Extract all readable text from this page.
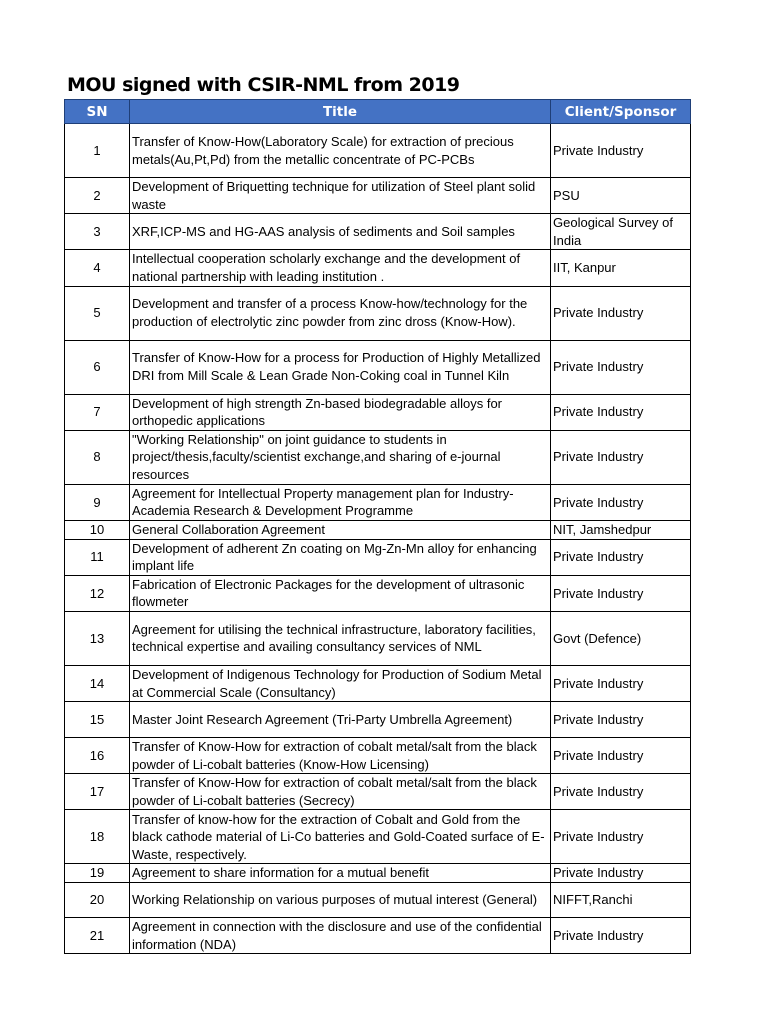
MOU signed with CSIR-NML from 2019
SN	Title	Client/Sponsor
1	Transfer of Know-How(Laboratory Scale) for extraction of precious metals(Au,Pt,Pd) from the metallic concentrate of PC-PCBs	Private Industry
2	Development of Briquetting technique for utilization of Steel plant solid waste	PSU
3	XRF,ICP-MS and HG-AAS analysis of sediments and Soil samples	Geological Survey of India
4	Intellectual cooperation scholarly exchange and the development of national partnership with leading institution .	IIT, Kanpur
5	Development and transfer of a process Know-how/technology for the production of electrolytic zinc powder from zinc dross (Know-How).	Private Industry
6	Transfer of Know-How for a process for Production of Highly Metallized DRI from Mill Scale & Lean Grade Non-Coking coal in Tunnel Kiln	Private Industry
7	Development of high strength Zn-based biodegradable alloys for orthopedic applications	Private Industry
8	"Working Relationship" on joint guidance to students in project/thesis,faculty/scientist exchange,and sharing of e-journal resources	Private Industry
9	Agreement for Intellectual Property management plan for Industry-Academia Research & Development Programme	Private Industry
10	General Collaboration Agreement	NIT, Jamshedpur
11	Development of adherent Zn coating on Mg-Zn-Mn alloy for enhancing implant life	Private Industry
12	Fabrication of Electronic Packages for the development of ultrasonic flowmeter	Private Industry
13	Agreement for utilising the technical infrastructure, laboratory facilities, technical expertise and availing consultancy services of NML	Govt (Defence)
14	Development of Indigenous Technology for Production of Sodium Metal at Commercial Scale (Consultancy)	Private Industry
15	Master Joint Research Agreement (Tri-Party Umbrella Agreement)	Private Industry
16	Transfer of Know-How for extraction of cobalt metal/salt from the black powder of Li-cobalt batteries (Know-How Licensing)	Private Industry
17	Transfer of Know-How for extraction of cobalt metal/salt from the black powder of Li-cobalt batteries (Secrecy)	Private Industry
18	Transfer of know-how for the extraction of Cobalt and Gold from the black cathode material of Li-Co batteries and Gold-Coated surface of E-Waste, respectively.	Private Industry
19	Agreement to share information for a mutual benefit	Private Industry
20	Working Relationship on various purposes of mutual interest (General)	NIFFT,Ranchi
21	Agreement in connection with the disclosure and use of the confidential information (NDA)	Private Industry
